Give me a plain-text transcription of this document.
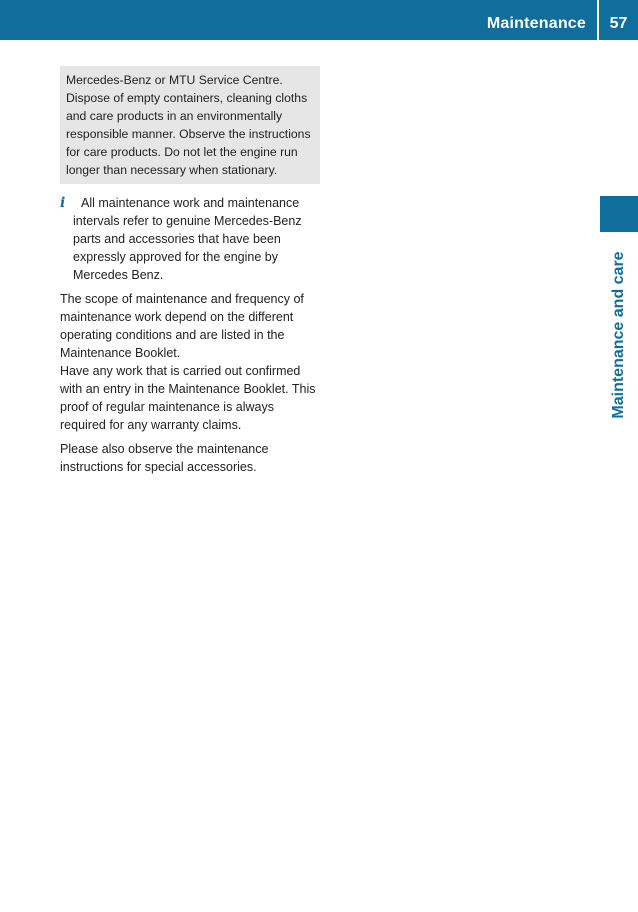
Maintenance	57
Maintenance and care
Mercedes-Benz or MTU Service Centre. Dispose of empty containers, cleaning cloths and care products in an environmentally responsible manner. Observe the instructions for care products. Do not let the engine run longer than necessary when stationary.
i	All maintenance work and maintenance intervals refer to genuine Mercedes-Benz parts and accessories that have been expressly approved for the engine by Mercedes Benz.

The scope of maintenance and frequency of maintenance work depend on the different operating conditions and are listed in the Maintenance Booklet.

Have any work that is carried out confirmed with an entry in the Maintenance Booklet. This proof of regular maintenance is always required for any warranty claims.

Please also observe the maintenance instructions for special accessories.
